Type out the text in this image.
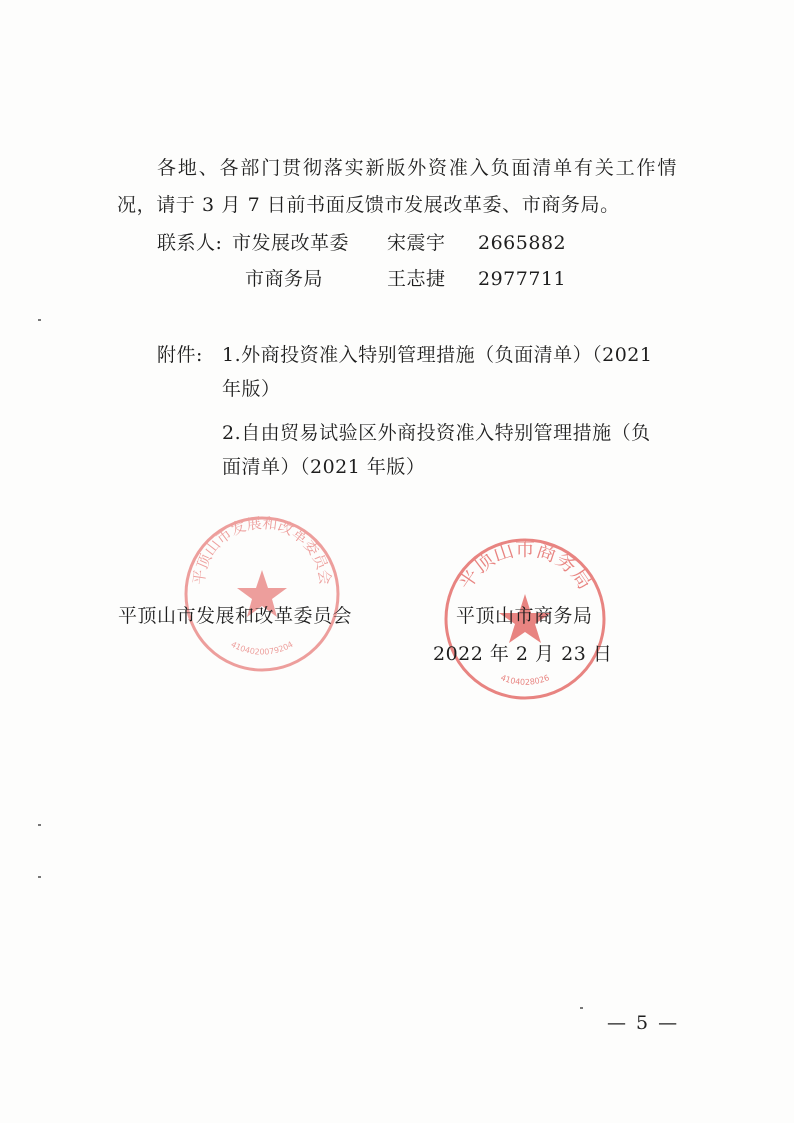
各地、各部门贯彻落实新版外资准入负面清单有关工作情况，请于 3 月 7 日前书面反馈市发展改革委、市商务局。
联系人: 市发展改革委 宋震宇 2665882
市商务局	王志捷 2977711
附件: 1.外商投资准入特别管理措施（负面清单）（2021
年版）
2.自由贸易试验区外商投资准入特别管理措施（负
面清单）（2021 年版）
平顶山市发展和改革委员会
4104020079204
平顶山市商务局
4104028026
平顶山市发展和改革委员会	平顶山市商务局
2022 年 2 月 23 日
— 5 —
